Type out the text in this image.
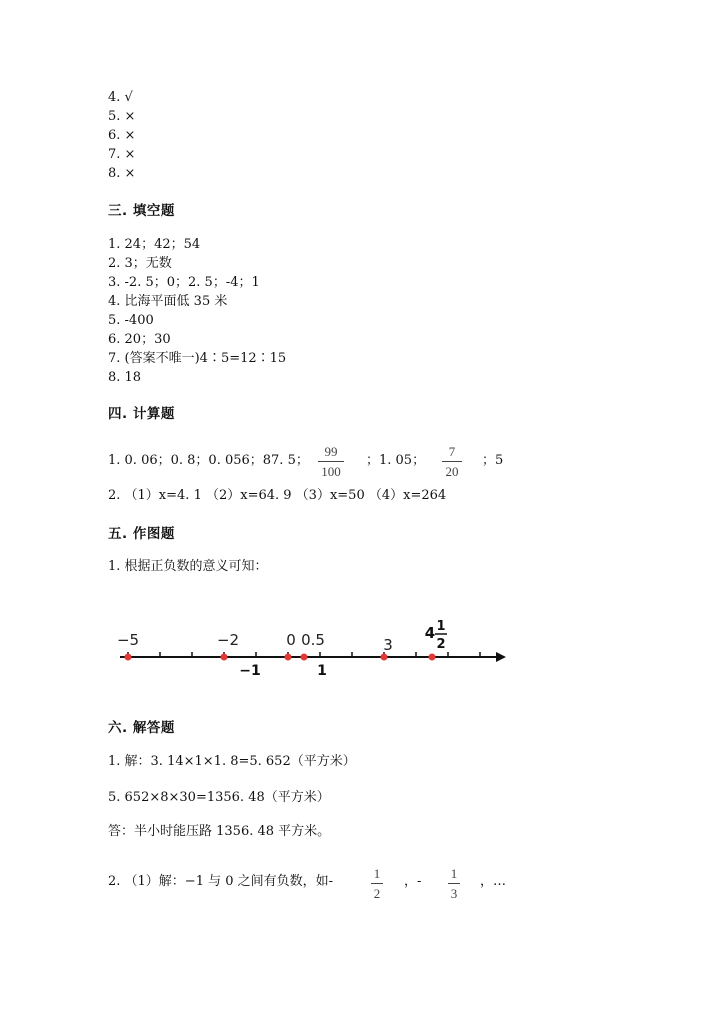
4. √
5. ×
6. ×
7. ×
8. ×
三. 填空题
1. 24；42；54
2. 3；无数
3. -2. 5；0；2. 5；-4；1
4. 比海平面低 35 米
5. -400
6. 20；30
7. (答案不唯一)4∶5=12∶15
8. 18
四. 计算题
1. 0. 06；0. 8；0. 056；87. 5；
99
100
；1. 05；
7
20
；5
2. （1）x=4. 1 （2）x=64. 9 （3）x=50 （4）x=264
五. 作图题
1. 根据正负数的意义可知：
六. 解答题
1. 解：3. 14×1×1. 8=5. 652（平方米）
5. 652×8×30=1356. 48（平方米）
答：半小时能压路 1356. 48 平方米。
2. （1）解：−1 与 0 之间有负数，如-
1
2
，-
1
3
，…
−5	−2	0 0.5	3
4 1
2
−1	1
